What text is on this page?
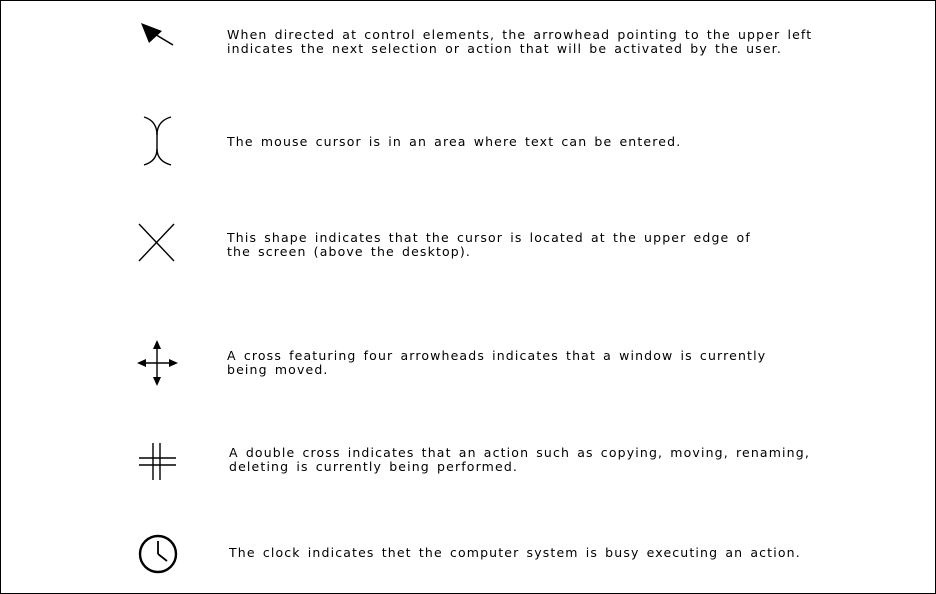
When directed at control elements, the arrowhead pointing to the upper left
indicates the next selection or action that will be activated by the user.

The mouse cursor is in an area where text can be entered.

This shape indicates that the cursor is located at the upper edge of
the screen (above the desktop).

A cross featuring four arrowheads indicates that a window is currently
being moved.

A double cross indicates that an action such as copying, moving, renaming,
deleting is currently being performed.

The clock indicates thet the computer system is busy executing an action.
